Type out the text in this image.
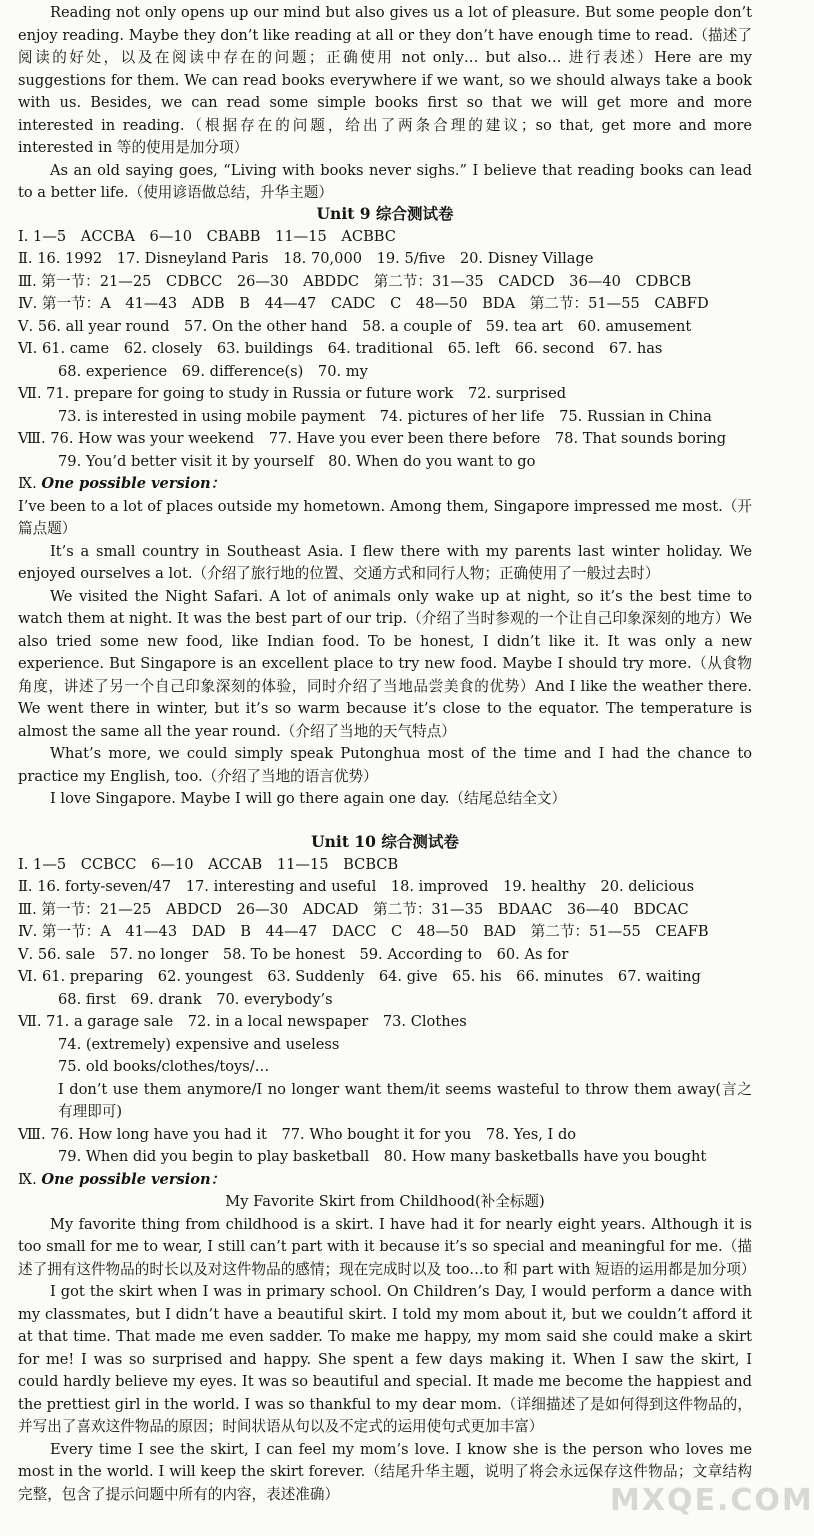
Reading not only opens up our mind but also gives us a lot of pleasure. But some people don’t enjoy reading. Maybe they don’t like reading at all or they don’t have enough time to read.（描述了阅读的好处，以及在阅读中存在的问题；正确使用 not only… but also… 进行表述）Here are my suggestions for them. We can read books everywhere if we want, so we should always take a book with us. Besides, we can read some simple books first so that we will get more and more interested in reading.（根据存在的问题，给出了两条合理的建议；so that, get more and more interested in 等的使用是加分项）

As an old saying goes, “Living with books never sighs.” I believe that reading books can lead to a better life.（使用谚语做总结，升华主题）

Unit 9 综合测试卷

Ⅰ. 1—5　ACCBA　6—10　CBABB　11—15　ACBBC

Ⅱ. 16. 1992　17. Disneyland Paris　18. 70,000　19. 5/five　20. Disney Village

Ⅲ. 第一节：21—25　CDBCC　26—30　ABDDC　第二节：31—35　CADCD　36—40　CDBCB

Ⅳ. 第一节：A　41—43　ADB　B　44—47　CADC　C　48—50　BDA　第二节：51—55　CABFD

Ⅴ. 56. all year round　57. On the other hand　58. a couple of　59. tea art　60. amusement

Ⅵ. 61. came　62. closely　63. buildings　64. traditional　65. left　66. second　67. has

68. experience　69. difference(s)　70. my

Ⅶ. 71. prepare for going to study in Russia or future work　72. surprised

73. is interested in using mobile payment　74. pictures of her life　75. Russian in China

Ⅷ. 76. How was your weekend　77. Have you ever been there before　78. That sounds boring

79. You’d better visit it by yourself　80. When do you want to go

Ⅸ. One possible version：

I’ve been to a lot of places outside my hometown. Among them, Singapore impressed me most.（开篇点题）

It’s a small country in Southeast Asia. I flew there with my parents last winter holiday. We enjoyed ourselves a lot.（介绍了旅行地的位置、交通方式和同行人物；正确使用了一般过去时）

We visited the Night Safari. A lot of animals only wake up at night, so it’s the best time to watch them at night. It was the best part of our trip.（介绍了当时参观的一个让自己印象深刻的地方）We also tried some new food, like Indian food. To be honest, I didn’t like it. It was only a new experience. But Singapore is an excellent place to try new food. Maybe I should try more.（从食物角度，讲述了另一个自己印象深刻的体验，同时介绍了当地品尝美食的优势）And I like the weather there. We went there in winter, but it’s so warm because it’s close to the equator. The temperature is almost the same all the year round.（介绍了当地的天气特点）

What’s more, we could simply speak Putonghua most of the time and I had the chance to practice my English, too.（介绍了当地的语言优势）

I love Singapore. Maybe I will go there again one day.（结尾总结全文）

Unit 10 综合测试卷

Ⅰ. 1—5　CCBCC　6—10　ACCAB　11—15　BCBCB

Ⅱ. 16. forty-seven/47　17. interesting and useful　18. improved　19. healthy　20. delicious

Ⅲ. 第一节：21—25　ABDCD　26—30　ADCAD　第二节：31—35　BDAAC　36—40　BDCAC

Ⅳ. 第一节：A　41—43　DAD　B　44—47　DACC　C　48—50　BAD　第二节：51—55　CEAFB

Ⅴ. 56. sale　57. no longer　58. To be honest　59. According to　60. As for

Ⅵ. 61. preparing　62. youngest　63. Suddenly　64. give　65. his　66. minutes　67. waiting

68. first　69. drank　70. everybody’s

Ⅶ. 71. a garage sale　72. in a local newspaper　73. Clothes

74. (extremely) expensive and useless

75. old books/clothes/toys/…

I don’t use them anymore/I no longer want them/it seems wasteful to throw them away(言之有理即可)

Ⅷ. 76. How long have you had it　77. Who bought it for you　78. Yes, I do

79. When did you begin to play basketball　80. How many basketballs have you bought

Ⅸ. One possible version：

My Favorite Skirt from Childhood(补全标题)

My favorite thing from childhood is a skirt. I have had it for nearly eight years. Although it is too small for me to wear, I still can’t part with it because it’s so special and meaningful for me.（描述了拥有这件物品的时长以及对这件物品的感情；现在完成时以及 too…to 和 part with 短语的运用都是加分项）

I got the skirt when I was in primary school. On Children’s Day, I would perform a dance with my classmates, but I didn’t have a beautiful skirt. I told my mom about it, but we couldn’t afford it at that time. That made me even sadder. To make me happy, my mom said she could make a skirt for me! I was so surprised and happy. She spent a few days making it. When I saw the skirt, I could hardly believe my eyes. It was so beautiful and special. It made me become the happiest and the prettiest girl in the world. I was so thankful to my dear mom.（详细描述了是如何得到这件物品的，并写出了喜欢这件物品的原因；时间状语从句以及不定式的运用使句式更加丰富）

Every time I see the skirt, I can feel my mom’s love. I know she is the person who loves me most in the world. I will keep the skirt forever.（结尾升华主题，说明了将会永远保存这件物品；文章结构完整，包含了提示问题中所有的内容，表述准确）	MXQE.COM
